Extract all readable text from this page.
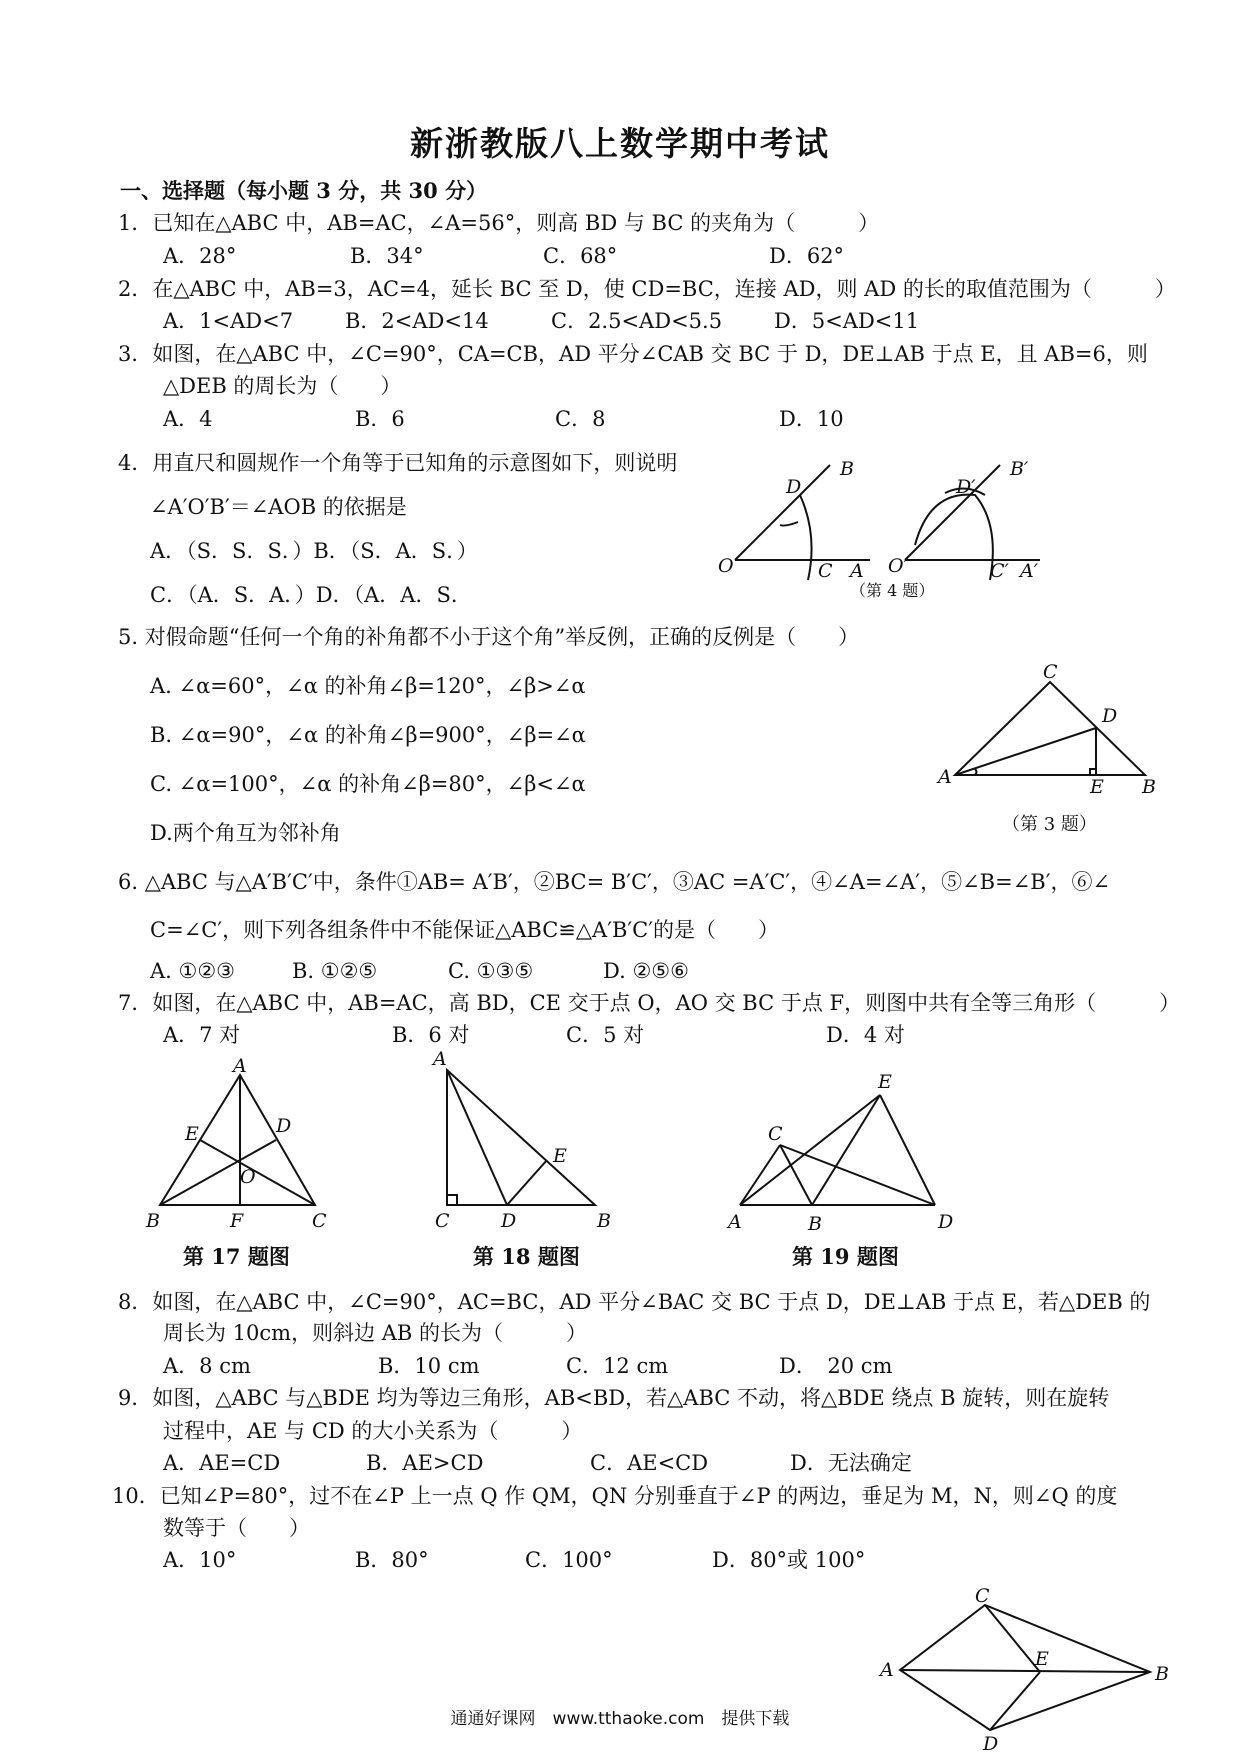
新浙教版八上数学期中考试
一、选择题（每小题 3 分，共 30 分）
1．已知在△ABC 中，AB=AC，∠A=56°，则高 BD 与 BC 的夹角为（　　　）
A．28°	B．34°	C．68°	D．62°
2．在△ABC 中，AB=3，AC=4，延长 BC 至 D，使 CD=BC，连接 AD，则 AD 的长的取值范围为（　　　）
A．1<AD<7 B．2<AD<14	C．2.5<AD<5.5 D．5<AD<11
3．如图，在△ABC 中，∠C=90°，CA=CB，AD 平分∠CAB 交 BC 于 D，DE⊥AB 于点 E，且 AB=6，则
△DEB 的周长为（　　）
A．4	B．6	C．8	D．10
4．用直尺和圆规作一个角等于已知角的示意图如下，则说明
∠A′O′B′＝∠AOB 的依据是
A．（S．S．S．）B．（S．A．S．）
C．（A．S．A．）D．（A．A．S．
B
D
O	C A
B′
D′
O′	C′ A′
（第 4 题）
5. 对假命题“任何一个角的补角都不小于这个角”举反例，正确的反例是（　　）
A. ∠α=60°，∠α 的补角∠β=120°，∠β>∠α
B. ∠α=90°，∠α 的补角∠β=900°，∠β=∠α
C. ∠α=100°，∠α 的补角∠β=80°，∠β<∠α
D.两个角互为邻补角
C
D
A	E B
（第 3 题）
6. △ABC 与△A′B′C′中，条件①AB= A′B′，②BC= B′C′，③AC =A′C′，④∠A=∠A′，⑤∠B=∠B′，⑥∠
C=∠C′，则下列各组条件中不能保证△ABC≌△A′B′C′的是（　　）
A. ①②③	B. ①②⑤	C. ①③⑤	D. ②⑤⑥
7．如图，在△ABC 中，AB=AC，高 BD，CE 交于点 O，AO 交 BC 于点 F，则图中共有全等三角形（　　　）
A．7 对	B．6 对	C．5 对	D．4 对
A
E	D
O
B	F	C
A
E
C	D	B
E
C
A	B	D
第 17 题图	第 18 题图	第 19 题图
8．如图，在△ABC 中，∠C=90°，AC=BC，AD 平分∠BAC 交 BC 于点 D，DE⊥AB 于点 E，若△DEB 的
周长为 10cm，则斜边 AB 的长为（　　　）
A．8 cm	B．10 cm	C．12 cm	D．　20 cm
9．如图，△ABC 与△BDE 均为等边三角形，AB<BD，若△ABC 不动，将△BDE 绕点 B 旋转，则在旋转
过程中，AE 与 CD 的大小关系为（　　　）
A．AE=CD	B．AE>CD	C．AE<CD	D．无法确定
10．已知∠P=80°，过不在∠P 上一点 Q 作 QM，QN 分别垂直于∠P 的两边，垂足为 M，N，则∠Q 的度
数等于（　　）
A．10°	B．80°	C．100°	D．80°或 100°
C
A	E
B
D
通通好课网　www.tthaoke.com　提供下载
